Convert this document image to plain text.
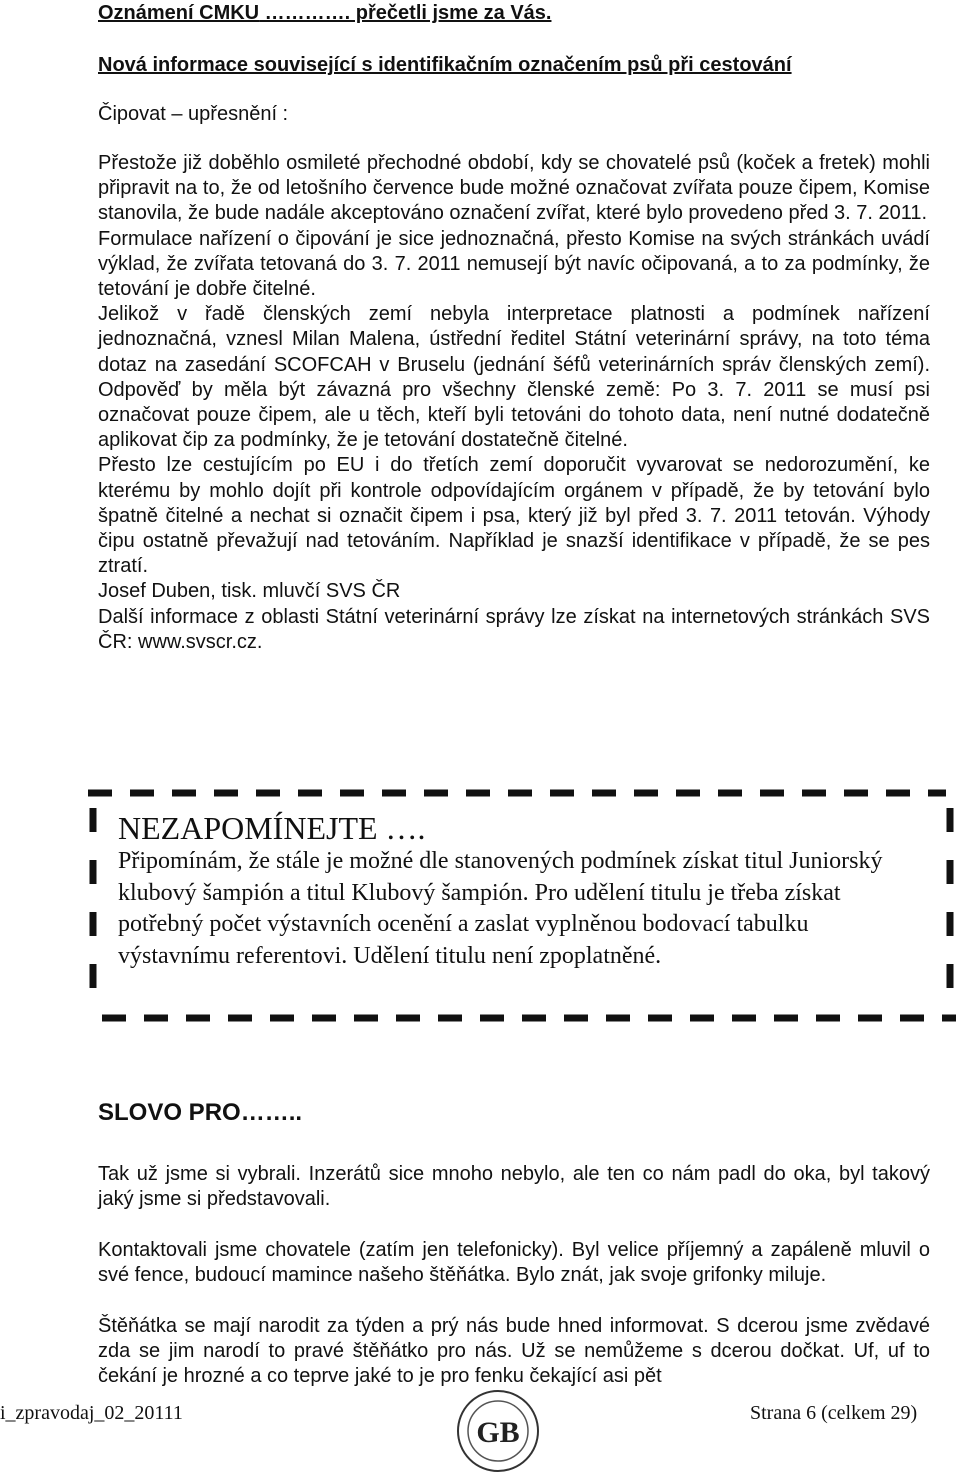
Oznámení CMKU …………. přečetli jsme za Vás.
Nová informace související s identifikačním označením psů při cestování
Čipovat – upřesnění :

Přestože již doběhlo osmileté přechodné období, kdy se chovatelé psů (koček a fretek) mohli připravit na to, že od letošního července bude možné označovat zvířata pouze čipem, Komise stanovila, že bude nadále akceptováno označení zvířat, které bylo provedeno před 3. 7. 2011.

Formulace nařízení o čipování je sice jednoznačná, přesto Komise na svých stránkách uvádí výklad, že zvířata tetovaná do 3. 7. 2011 nemusejí být navíc očipovaná, a to za podmínky, že tetování je dobře čitelné.

Jelikož v řadě členských zemí nebyla interpretace platnosti a podmínek nařízení jednoznačná, vznesl Milan Malena, ústřední ředitel Státní veterinární správy, na toto téma dotaz na zasedání SCOFCAH v Bruselu (jednání šéfů veterinárních správ členských zemí). Odpověď by měla být závazná pro všechny členské země: Po 3. 7. 2011 se musí psi označovat pouze čipem, ale u těch, kteří byli tetováni do tohoto data, není nutné dodatečně aplikovat čip za podmínky, že je tetování dostatečně čitelné.

Přesto lze cestujícím po EU i do třetích zemí doporučit vyvarovat se nedorozumění, ke kterému by mohlo dojít při kontrole odpovídajícím orgánem v případě, že by tetování bylo špatně čitelné a nechat si označit čipem i psa, který již byl před 3. 7. 2011 tetován. Výhody čipu ostatně převažují nad tetováním. Například je snazší identifikace v případě, že se pes ztratí.

Josef Duben, tisk. mluvčí SVS ČR

Další informace z oblasti Státní veterinární správy lze získat na internetových stránkách SVS ČR: www.svscr.cz.

NEZAPOMÍNEJTE ….
Připomínám, že stále je možné dle stanovených podmínek získat titul Juniorský klubový šampión a titul Klubový šampión. Pro udělení titulu je třeba získat potřebný počet výstavních ocenění a zaslat vyplněnou bodovací tabulku výstavnímu referentovi. Udělení titulu není zpoplatněné.
SLOVO PRO……..
Tak už jsme si vybrali. Inzerátů sice mnoho nebylo, ale ten co nám padl do oka, byl takový jaký jsme si představovali.
Kontaktovali jsme chovatele (zatím jen telefonicky). Byl velice příjemný a zapáleně mluvil o své fence, budoucí mamince našeho štěňátka. Bylo znát, jak svoje grifonky miluje.
Štěňátka se mají narodit za týden a prý nás bude hned informovat. S dcerou jsme zvědavé zda se jim narodí to pravé štěňátko pro nás. Už se nemůžeme s dcerou dočkat. Uf, uf to čekání je hrozné a co teprve jaké to je pro fenku čekající asi pět
i_zpravodaj_02_20111
GB
Strana 6 (celkem 29)
